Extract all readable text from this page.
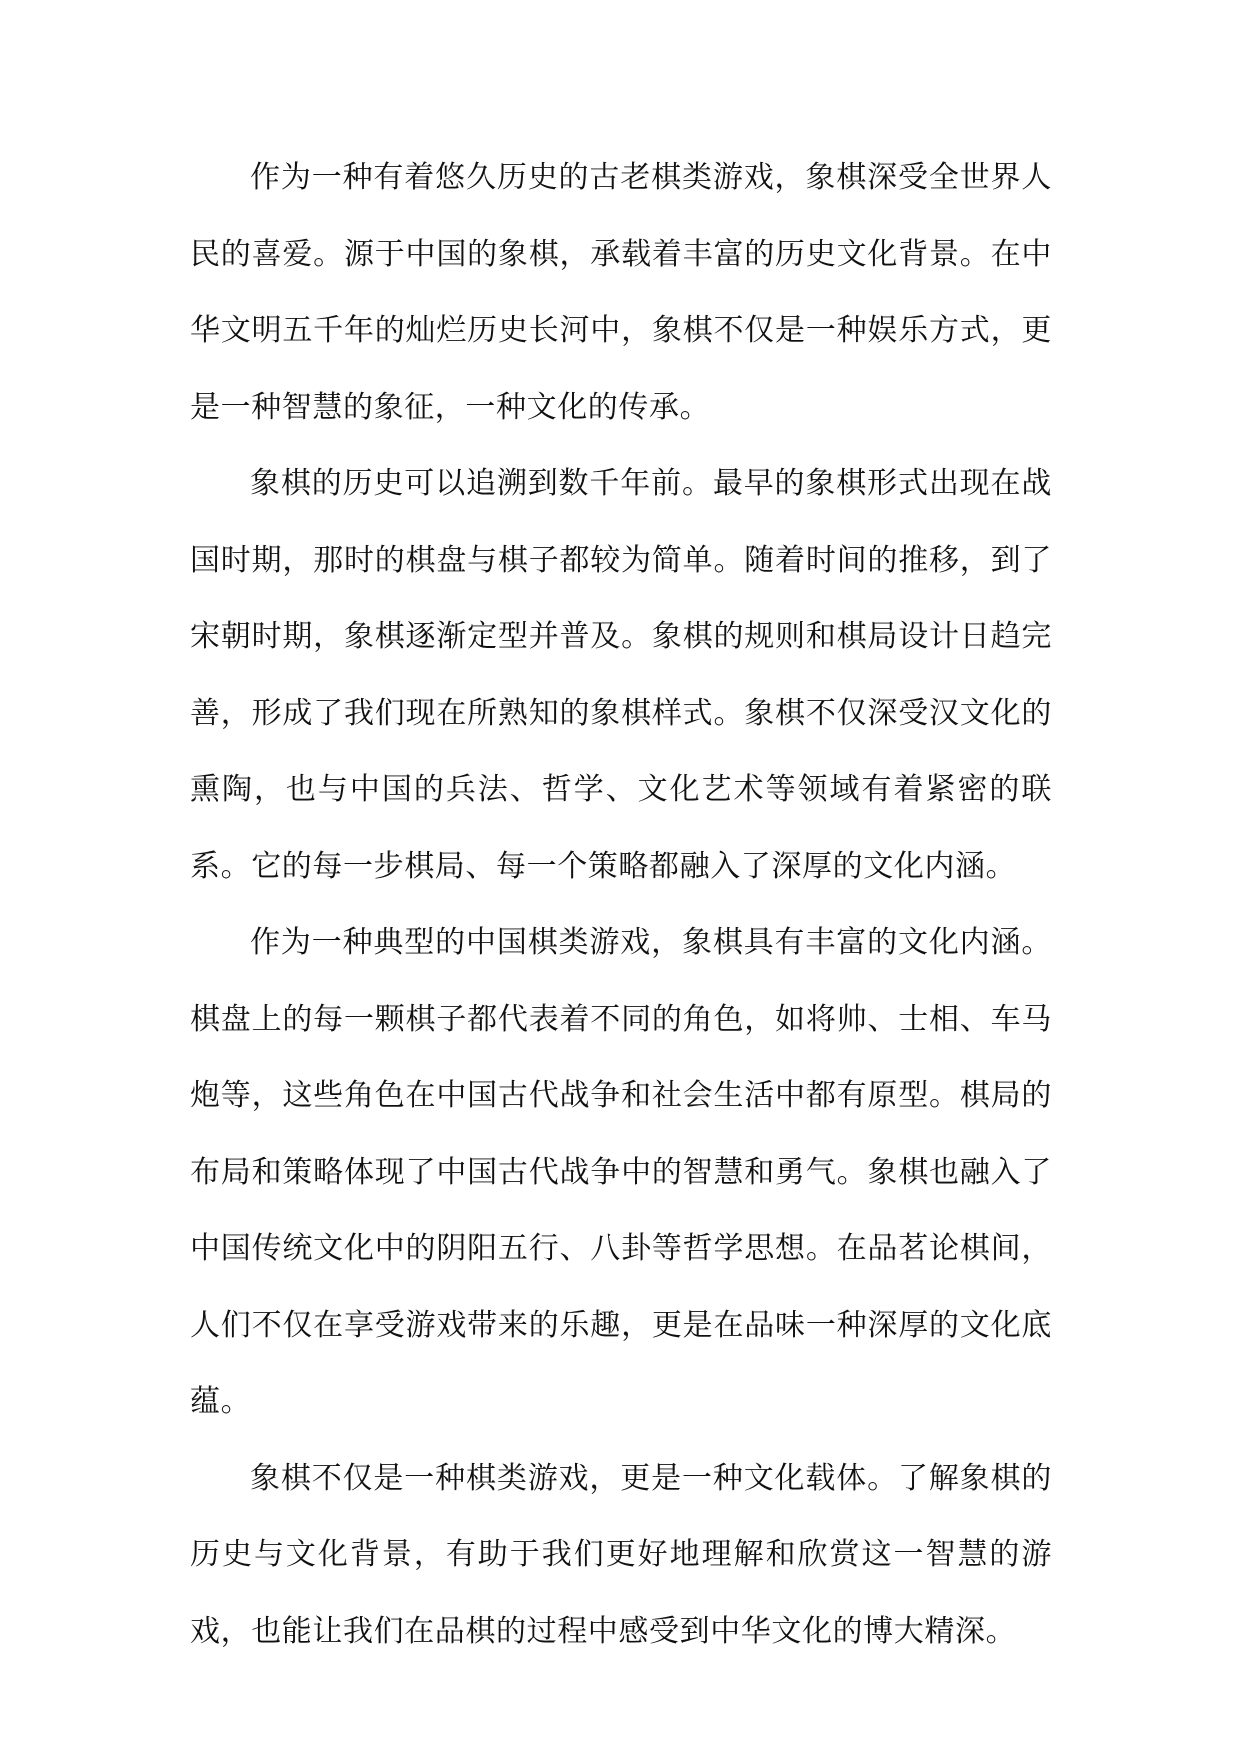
作为一种有着悠久历史的古老棋类游戏，象棋深受全世界人民的喜爱。源于中国的象棋，承载着丰富的历史文化背景。在中华文明五千年的灿烂历史长河中，象棋不仅是一种娱乐方式，更是一种智慧的象征，一种文化的传承。

象棋的历史可以追溯到数千年前。最早的象棋形式出现在战国时期，那时的棋盘与棋子都较为简单。随着时间的推移，到了宋朝时期，象棋逐渐定型并普及。象棋的规则和棋局设计日趋完善，形成了我们现在所熟知的象棋样式。象棋不仅深受汉文化的熏陶，也与中国的兵法、哲学、文化艺术等领域有着紧密的联系。它的每一步棋局、每一个策略都融入了深厚的文化内涵。

作为一种典型的中国棋类游戏，象棋具有丰富的文化内涵。棋盘上的每一颗棋子都代表着不同的角色，如将帅、士相、车马炮等，这些角色在中国古代战争和社会生活中都有原型。棋局的布局和策略体现了中国古代战争中的智慧和勇气。象棋也融入了中国传统文化中的阴阳五行、八卦等哲学思想。在品茗论棋间，人们不仅在享受游戏带来的乐趣，更是在品味一种深厚的文化底蕴。

象棋不仅是一种棋类游戏，更是一种文化载体。了解象棋的历史与文化背景，有助于我们更好地理解和欣赏这一智慧的游戏，也能让我们在品棋的过程中感受到中华文化的博大精深。
